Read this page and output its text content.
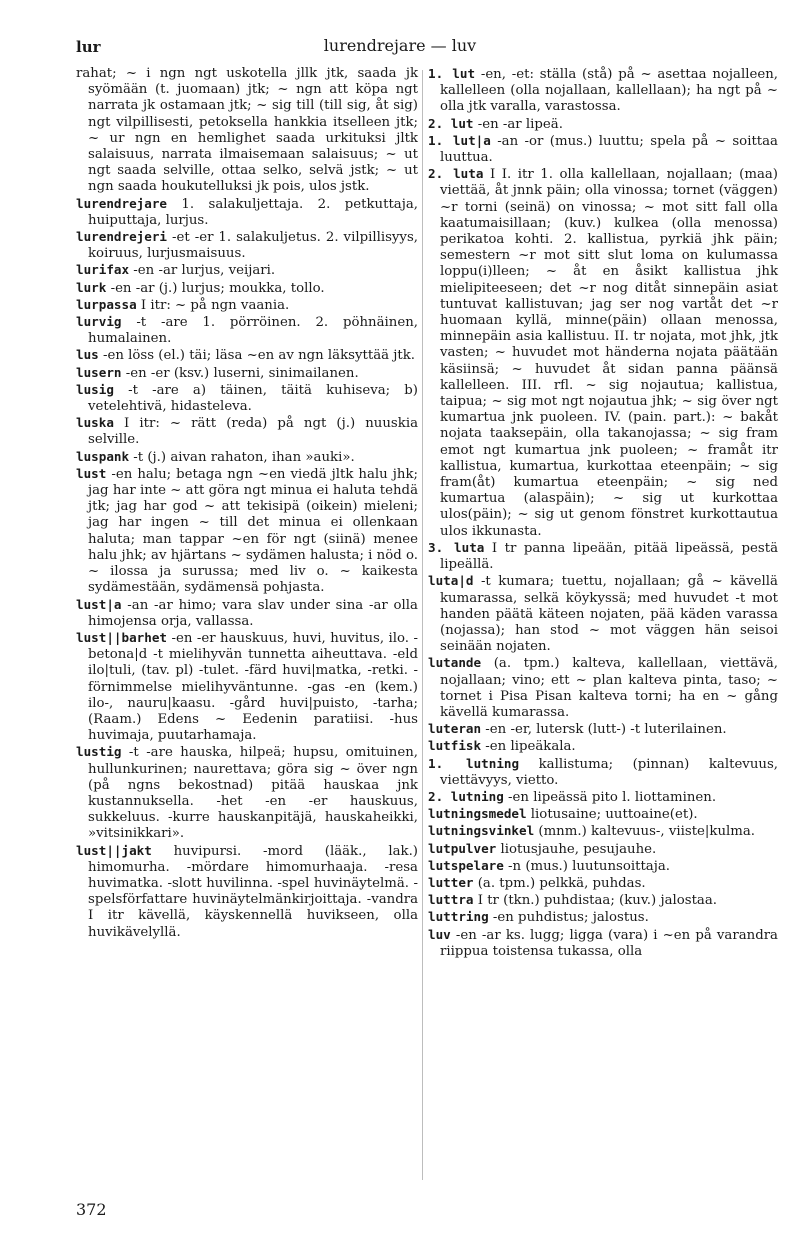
lur	lurendrejare — luv

rahat; ~ i ngn ngt uskotella jllk jtk, saada jk syömään (t. juomaan) jtk; ~ ngn att köpa ngt narrata jk ostamaan jtk; ~ sig till (till sig, åt sig) ngt vilpillisesti, petoksella hankkia itselleen jtk; ~ ur ngn en hemlighet saada urkituksi jltk salaisuus, narrata ilmaisemaan salaisuus; ~ ut ngt saada selville, ottaa selko, selvä jstk; ~ ut ngn saada houkutelluksi jk pois, ulos jstk.

lurendrejare 1. salakuljettaja. 2. petkuttaja, huiputtaja, lurjus.

lurendrejeri -et -er 1. salakuljetus. 2. vilpillisyys, koiruus, lurjusmaisuus.

lurifax -en -ar lurjus, veijari.

lurk -en -ar (j.) lurjus; moukka, tollo.

lurpassa I itr: ~ på ngn vaania.

lurvig -t -are 1. pörröinen. 2. pöhnäinen, humalainen.

lus -en löss (el.) täi; läsa ~en av ngn läksyttää jtk.

lusern -en -er (ksv.) luserni, sinimailanen.

lusig -t -are a) täinen, täitä kuhiseva; b) vetelehtivä, hidasteleva.

luska I itr: ~ rätt (reda) på ngt (j.) nuuskia selville.

luspank -t (j.) aivan rahaton, ihan »auki».

lust -en halu; betaga ngn ~en viedä jltk halu jhk; jag har inte ~ att göra ngt minua ei haluta tehdä jtk; jag har god ~ att tekisipä (oikein) mieleni; jag har ingen ~ till det minua ei ollenkaan haluta; man tappar ~en för ngt (siinä) menee halu jhk; av hjärtans ~ sydämen halusta; i nöd o. ~ ilossa ja surussa; med liv o. ~ kaikesta sydämestään, sydämensä pohjasta.

lust|a -an -ar himo; vara slav under sina -ar olla himojensa orja, vallassa.

lust||barhet -en -er hauskuus, huvi, huvitus, ilo. -betona|d -t mielihyvän tunnetta aiheuttava. -eld ilo|tuli, (tav. pl) -tulet. -färd huvi|matka, -retki. -förnimmelse mielihyväntunne. -gas -en (kem.) ilo-, nauru|kaasu. -gård huvi|puisto, -tarha; (Raam.) Edens ~ Eedenin paratiisi. -hus huvimaja, puutarhamaja.

lustig -t -are hauska, hilpeä; hupsu, omituinen, hullunkurinen; naurettava; göra sig ~ över ngn (på ngns bekostnad) pitää hauskaa jnk kustannuksella. -het -en -er hauskuus, sukkeluus. -kurre hauskanpitäjä, hauskaheikki, »vitsinikkari».

lust||jakt huvipursi. -mord (lääk., lak.) himomurha. -mördare himomurhaaja. -resa huvimatka. -slott huvilinna. -spel huvinäytelmä. -spelsförfattare huvinäytelmänkirjoittaja. -vandra I itr kävellä, käyskennellä huvikseen, olla huvikävelyllä.

1. lut -en, -et: ställa (stå) på ~ asettaa nojalleen, kallelleen (olla nojallaan, kallellaan); ha ngt på ~ olla jtk varalla, varastossa.

2. lut -en -ar lipeä.

1. lut|a -an -or (mus.) luuttu; spela på ~ soittaa luuttua.

2. luta I I. itr 1. olla kallellaan, nojallaan; (maa) viettää, åt jnnk päin; olla vinossa; tornet (väggen) ~r torni (seinä) on vinossa; ~ mot sitt fall olla kaatumaisillaan; (kuv.) kulkea (olla menossa) perikatoa kohti. 2. kallistua, pyrkiä jhk päin; semestern ~r mot sitt slut loma on kulumassa loppu(i)lleen; ~ åt en åsikt kallistua jhk mielipiteeseen; det ~r nog ditåt sinnepäin asiat tuntuvat kallistuvan; jag ser nog vartåt det ~r huomaan kyllä, minne(päin) ollaan menossa, minnepäin asia kallistuu. II. tr nojata, mot jhk, jtk vasten; ~ huvudet mot händerna nojata päätään käsiinsä; ~ huvudet åt sidan panna päänsä kallelleen. III. rfl. ~ sig nojautua; kallistua, taipua; ~ sig mot ngt nojautua jhk; ~ sig över ngt kumartua jnk puoleen. IV. (pain. part.): ~ bakåt nojata taaksepäin, olla takanojassa; ~ sig fram emot ngt kumartua jnk puoleen; ~ framåt itr kallistua, kumartua, kurkottaa eteenpäin; ~ sig fram(åt) kumartua eteenpäin; ~ sig ned kumartua (alaspäin); ~ sig ut kurkottaa ulos(päin); ~ sig ut genom fönstret kurkottautua ulos ikkunasta.

3. luta I tr panna lipeään, pitää lipeässä, pestä lipeällä.

luta|d -t kumara; tuettu, nojallaan; gå ~ kävellä kumarassa, selkä köykyssä; med huvudet -t mot handen päätä käteen nojaten, pää käden varassa (nojassa); han stod ~ mot väggen hän seisoi seinään nojaten.

lutande (a. tpm.) kalteva, kallellaan, viettävä, nojallaan; vino; ett ~ plan kalteva pinta, taso; ~ tornet i Pisa Pisan kalteva torni; ha en ~ gång kävellä kumarassa.

luteran -en -er, lutersk (lutt-) -t luterilainen.

lutfisk -en lipeäkala.

1. lutning kallistuma; (pinnan) kaltevuus, viettävyys, vietto.

2. lutning -en lipeässä pito l. liottaminen.

lutningsmedel liotusaine; uuttoaine(et).

lutningsvinkel (mnm.) kaltevuus-, viiste|kulma.

lutpulver liotusjauhe, pesujauhe.

lutspelare -n (mus.) luutunsoittaja.

lutter (a. tpm.) pelkkä, puhdas.

luttra I tr (tkn.) puhdistaa; (kuv.) jalostaa.

luttring -en puhdistus; jalostus.

luv -en -ar ks. lugg; ligga (vara) i ~en på varandra riippua toistensa tukassa, olla

372
